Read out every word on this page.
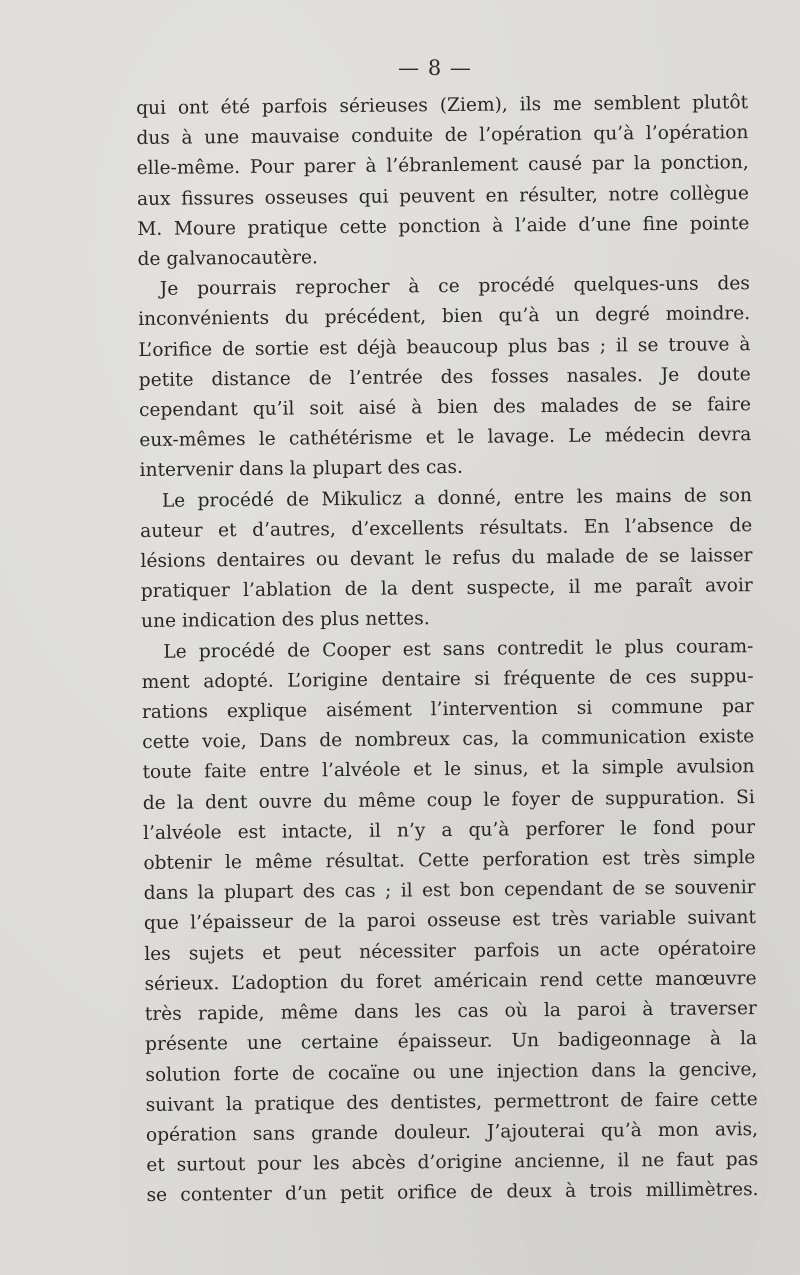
— 8 —
qui ont été parfois sérieuses (Ziem), ils me semblent plutôt
dus à une mauvaise conduite de l’opération qu’à l’opération
elle-même. Pour parer à l’ébranlement causé par la ponction,
aux fissures osseuses qui peuvent en résulter, notre collègue
M. Moure pratique cette ponction à l’aide d’une fine pointe
de galvanocautère.
Je pourrais reprocher à ce procédé quelques-uns des
inconvénients du précédent, bien qu’à un degré moindre.
L’orifice de sortie est déjà beaucoup plus bas ; il se trouve à
petite distance de l’entrée des fosses nasales. Je doute
cependant qu’il soit aisé à bien des malades de se faire
eux-mêmes le cathétérisme et le lavage. Le médecin devra
intervenir dans la plupart des cas.
Le procédé de Mikulicz a donné, entre les mains de son
auteur et d’autres, d’excellents résultats. En l’absence de
lésions dentaires ou devant le refus du malade de se laisser
pratiquer l’ablation de la dent suspecte, il me paraît avoir
une indication des plus nettes.
Le procédé de Cooper est sans contredit le plus couram-
ment adopté. L’origine dentaire si fréquente de ces suppu-
rations explique aisément l’intervention si commune par
cette voie, Dans de nombreux cas, la communication existe
toute faite entre l’alvéole et le sinus, et la simple avulsion
de la dent ouvre du même coup le foyer de suppuration. Si
l’alvéole est intacte, il n’y a qu’à perforer le fond pour
obtenir le même résultat. Cette perforation est très simple
dans la plupart des cas ; il est bon cependant de se souvenir
que l’épaisseur de la paroi osseuse est très variable suivant
les sujets et peut nécessiter parfois un acte opératoire
sérieux. L’adoption du foret américain rend cette manœuvre
très rapide, même dans les cas où la paroi à traverser
présente une certaine épaisseur. Un badigeonnage à la
solution forte de cocaïne ou une injection dans la gencive,
suivant la pratique des dentistes, permettront de faire cette
opération sans grande douleur. J’ajouterai qu’à mon avis,
et surtout pour les abcès d’origine ancienne, il ne faut pas
se contenter d’un petit orifice de deux à trois millimètres.
